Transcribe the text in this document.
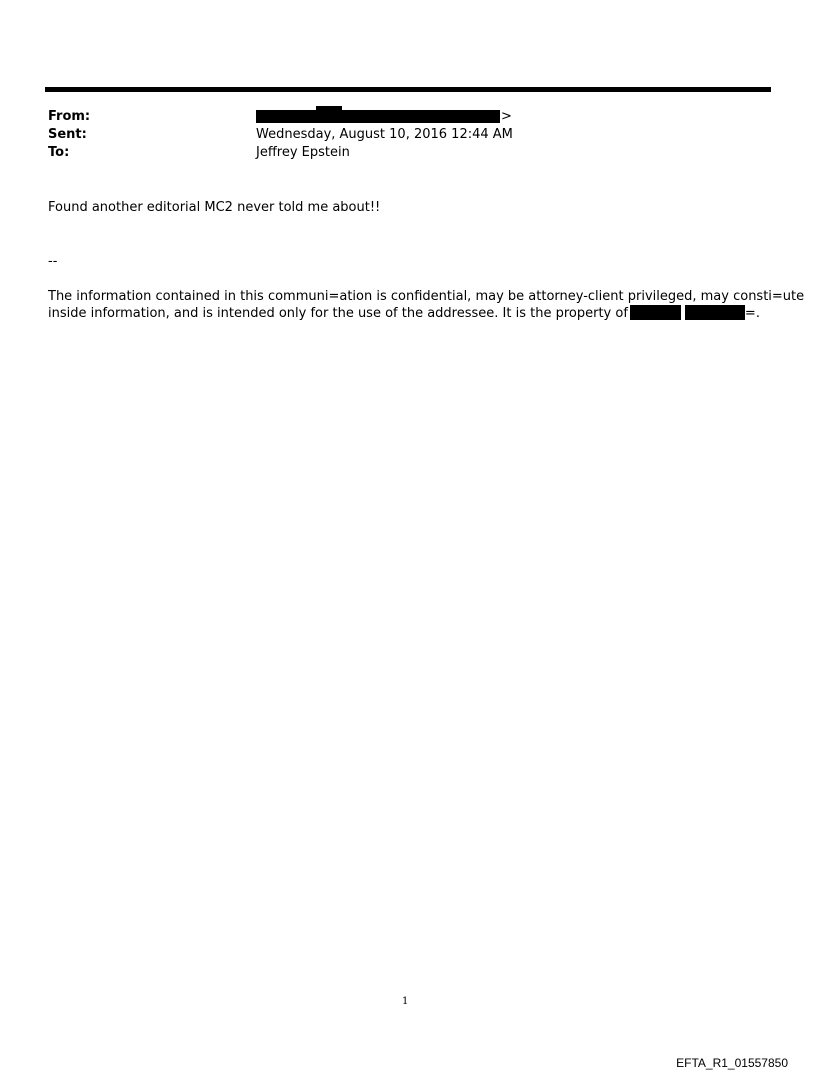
From:	>
Sent:	Wednesday, August 10, 2016 12:44 AM
To:	Jeffrey Epstein
Found another editorial MC2 never told me about!!
--
The information contained in this communi=ation is confidential, may be attorney-client privileged, may consti=ute
inside information, and is intended only for the use of the addressee. It is the property of	=.
1
EFTA_R1_01557850
